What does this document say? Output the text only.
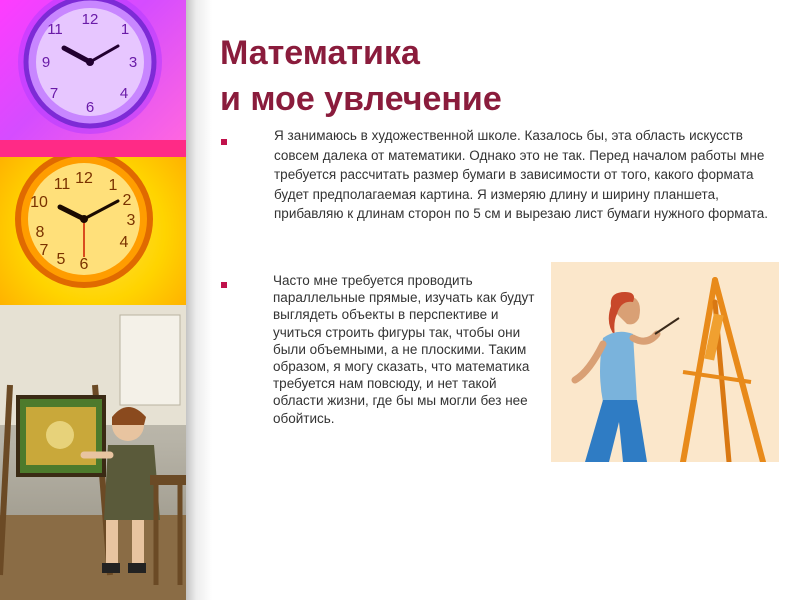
12
1
3
4
6
7
9
11
12 1
2
3
4
6
5
7
8
10
11
Математика
и мое увлечение

Я занимаюсь в художественной школе. Казалось бы, эта область искусств совсем далека от математики. Однако это не так. Перед началом работы мне требуется рассчитать размер бумаги в зависимости от того, какого формата будет предполагаемая картина. Я измеряю длину и ширину планшета, прибавляю к длинам сторон по 5 см и вырезаю лист бумаги нужного формата.

Часто мне требуется проводить параллельные прямые, изучать как будут выглядеть объекты в перспективе и учиться строить фигуры так, чтобы они были объемными, а не плоскими. Таким образом, я могу сказать, что математика требуется нам повсюду, и нет такой области жизни, где бы мы могли без нее обойтись.
